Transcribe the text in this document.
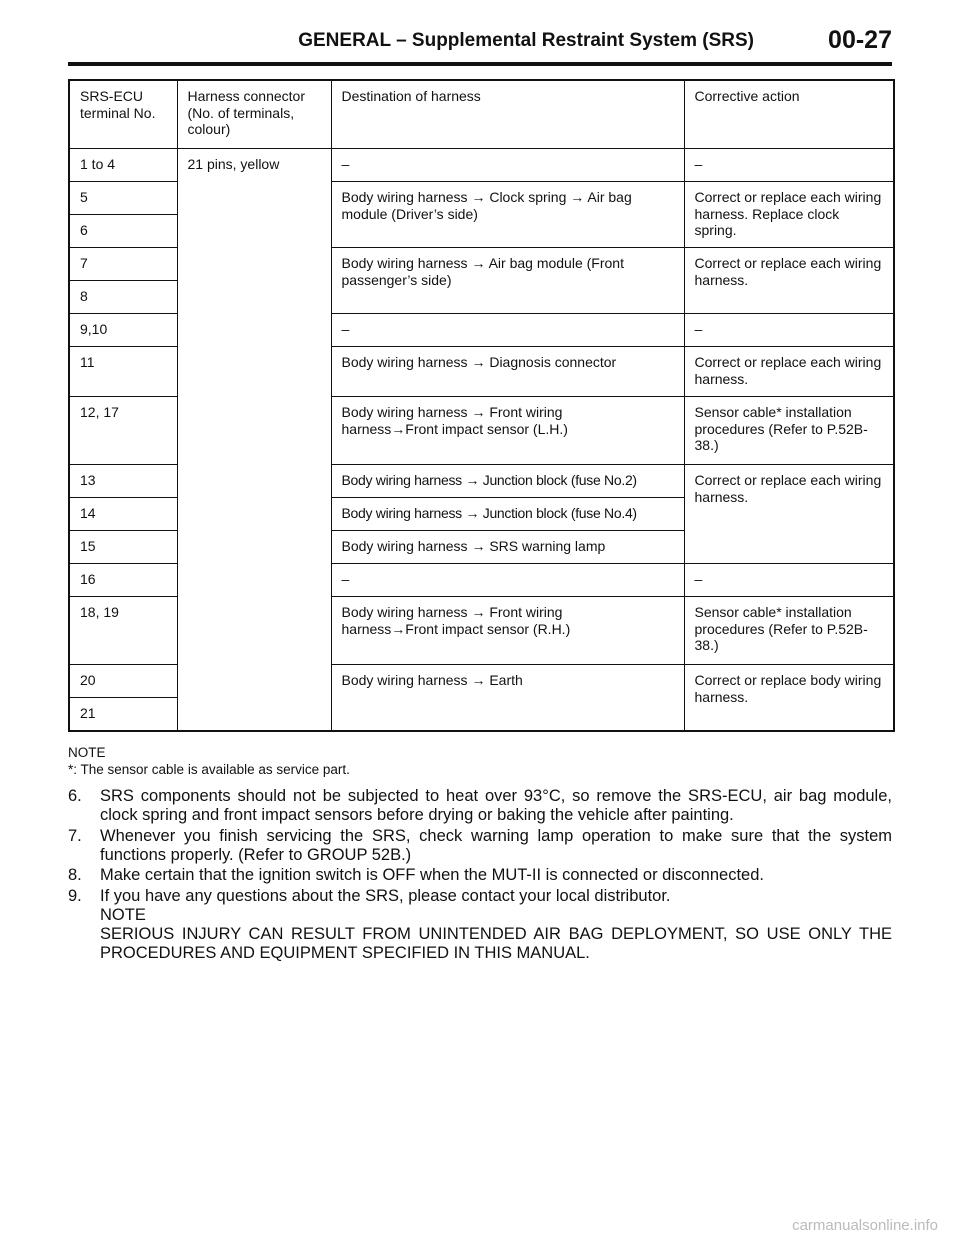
GENERAL – Supplemental Restraint System (SRS)	00-27
SRS-ECU terminal No.	Harness connector (No. of terminals, colour)	Destination of harness	Corrective action
1 to 4	21 pins, yellow	–	–
5		Body wiring harness → Clock spring → Air bag module (Driver’s side)	Correct or replace each wiring harness. Replace clock spring.
6			
7		Body wiring harness → Air bag module (Front passenger’s side)	Correct or replace each wiring harness.
8			
9,10		–	–
11		Body wiring harness → Diagnosis connector	Correct or replace each wiring harness.
12, 17		Body wiring harness → Front wiring harness→Front impact sensor (L.H.)	Sensor cable* installation procedures (Refer to P.52B-38.)
13		Body wiring harness → Junction block (fuse No.2)	Correct or replace each wiring harness.
14		Body wiring harness → Junction block (fuse No.4)	
15		Body wiring harness → SRS warning lamp	
16		–	–
18, 19		Body wiring harness → Front wiring harness→Front impact sensor (R.H.)	Sensor cable* installation procedures (Refer to P.52B-38.)
20		Body wiring harness → Earth	Correct or replace body wiring harness.
21			
NOTE
*: The sensor cable is available as service part.
6. SRS components should not be subjected to heat over 93°C, so remove the SRS-ECU, air bag module, clock spring and front impact sensors before drying or baking the vehicle after painting.
7. Whenever you finish servicing the SRS, check warning lamp operation to make sure that the system functions properly. (Refer to GROUP 52B.)
8. Make certain that the ignition switch is OFF when the MUT-II is connected or disconnected.
9. If you have any questions about the SRS, please contact your local distributor.
NOTE
SERIOUS INJURY CAN RESULT FROM UNINTENDED AIR BAG DEPLOYMENT, SO USE ONLY THE PROCEDURES AND EQUIPMENT SPECIFIED IN THIS MANUAL.
carmanualsonline.info
